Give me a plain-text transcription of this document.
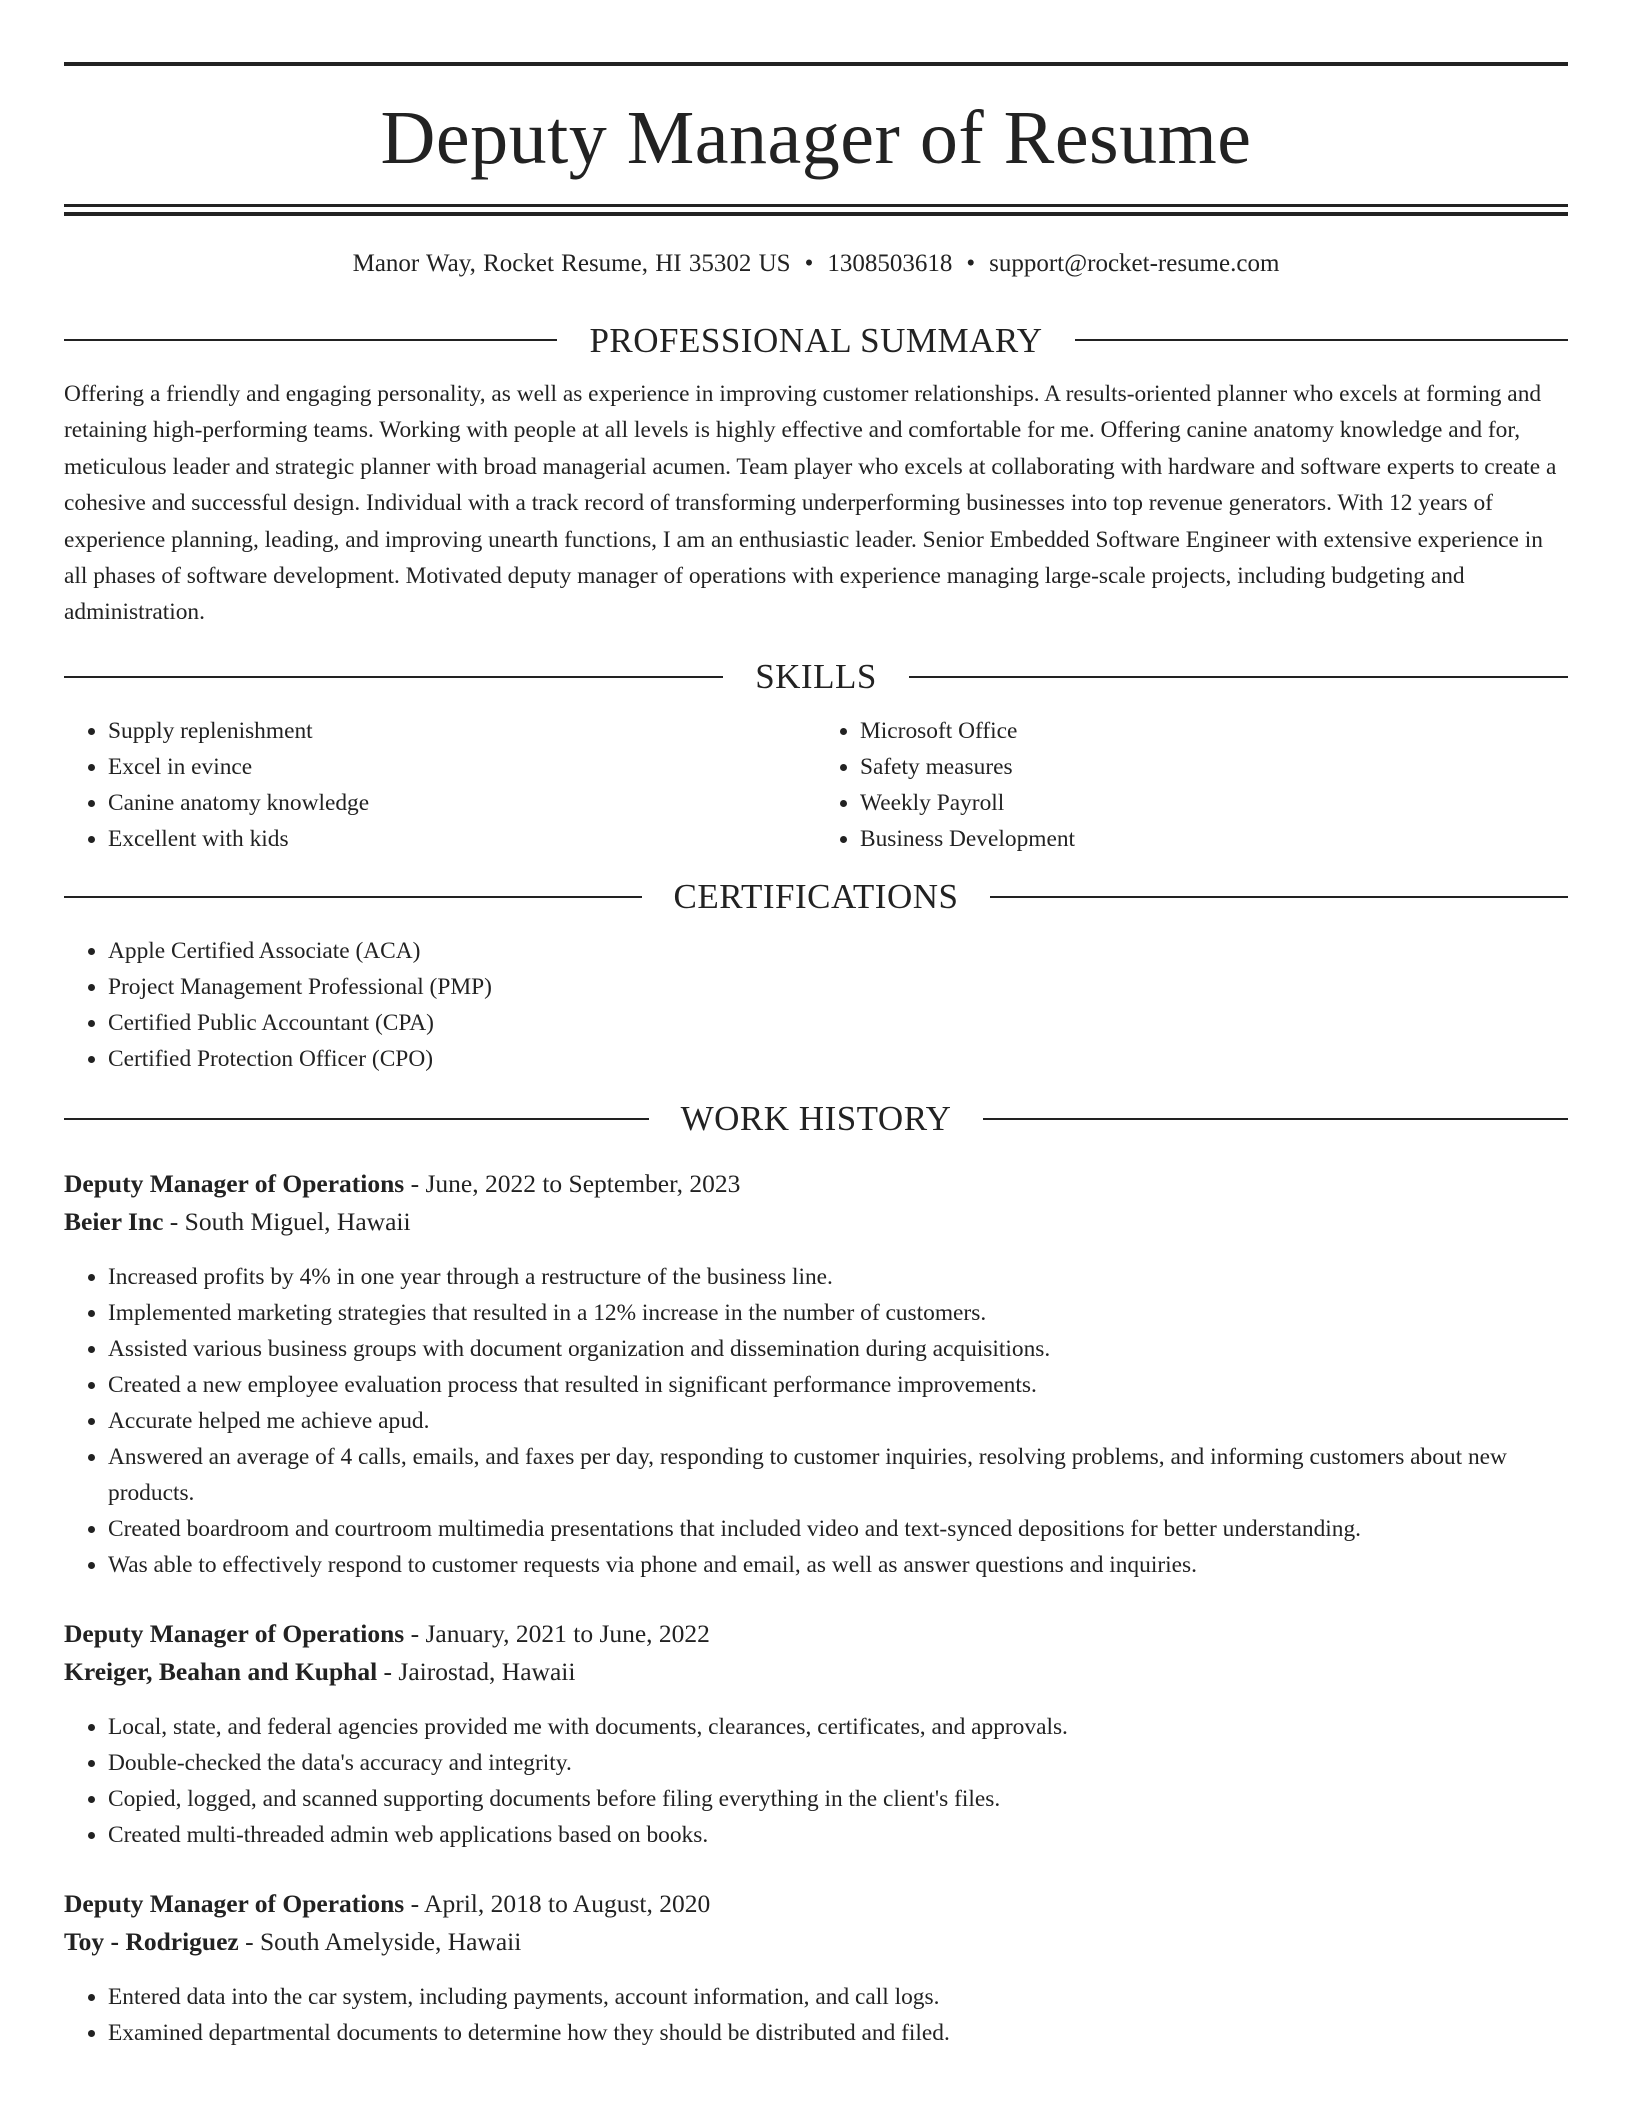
Deputy Manager of Resume
Manor Way, Rocket Resume, HI 35302 US • 1308503618 • support@rocket-resume.com
PROFESSIONAL SUMMARY

Offering a friendly and engaging personality, as well as experience in improving customer relationships. A results-oriented planner who excels at forming and retaining high-performing teams. Working with people at all levels is highly effective and comfortable for me. Offering canine anatomy knowledge and for, meticulous leader and strategic planner with broad managerial acumen. Team player who excels at collaborating with hardware and software experts to create a cohesive and successful design. Individual with a track record of transforming underperforming businesses into top revenue generators. With 12 years of experience planning, leading, and improving unearth functions, I am an enthusiastic leader. Senior Embedded Software Engineer with extensive experience in all phases of software development. Motivated deputy manager of operations with experience managing large-scale projects, including budgeting and administration.

SKILLS
• Supply replenishment
• Excel in evince
• Canine anatomy knowledge
• Excellent with kids
• Microsoft Office
• Safety measures
• Weekly Payroll
• Business Development
CERTIFICATIONS
• Apple Certified Associate (ACA)
• Project Management Professional (PMP)
• Certified Public Accountant (CPA)
• Certified Protection Officer (CPO)
WORK HISTORY
Deputy Manager of Operations - June, 2022 to September, 2023
Beier Inc - South Miguel, Hawaii
• Increased profits by 4% in one year through a restructure of the business line.
• Implemented marketing strategies that resulted in a 12% increase in the number of customers.
• Assisted various business groups with document organization and dissemination during acquisitions.
• Created a new employee evaluation process that resulted in significant performance improvements.
• Accurate helped me achieve apud.
• Answered an average of 4 calls, emails, and faxes per day, responding to customer inquiries, resolving problems, and informing customers about new products.
• Created boardroom and courtroom multimedia presentations that included video and text-synced depositions for better understanding.
• Was able to effectively respond to customer requests via phone and email, as well as answer questions and inquiries.
Deputy Manager of Operations - January, 2021 to June, 2022
Kreiger, Beahan and Kuphal - Jairostad, Hawaii
• Local, state, and federal agencies provided me with documents, clearances, certificates, and approvals.
• Double-checked the data's accuracy and integrity.
• Copied, logged, and scanned supporting documents before filing everything in the client's files.
• Created multi-threaded admin web applications based on books.
Deputy Manager of Operations - April, 2018 to August, 2020
Toy - Rodriguez - South Amelyside, Hawaii
• Entered data into the car system, including payments, account information, and call logs.
• Examined departmental documents to determine how they should be distributed and filed.
